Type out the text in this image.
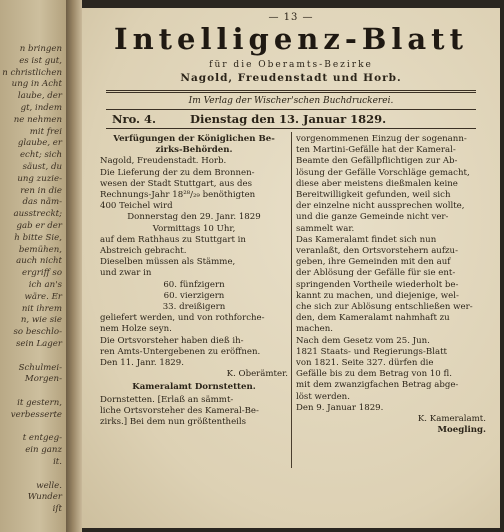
n bringen
es ist gut,
n christlichen
ung in Acht
laube, der
gt, indem
ne nehmen
mit frei
glaube, er
echt; sich
säust, du
ung zuzie-
ren in die
das näm-
ausstreckt;
gab er der
h bitte Sie,
bemühen,
auch nicht
ergriff so
ich an's
wäre. Er
nit ihrem
n, wie sie
so beschlo-
sein Lager
Schulmei-
Morgen-
it gestern,
verbesserte
t entgeg-
ein ganz
it.
welle.
Wunder
iſt
— 13 —
Intelligenz-Blatt
für die Oberamts-Bezirke
Nagold, Freudenstadt und Horb.
Im Verlag der Wischer'schen Buchdruckerei.
Nro. 4.	Dienstag den 13. Januar 1829.
Verfügungen der Königlichen Be-
zirks-Behörden.
Nagold, Freudenstadt. Horb.
Die Lieferung der zu dem Bronnen-
wesen der Stadt Stuttgart, aus des
Rechnungs-Jahr 18²⁸/₂₉ benöthigten
400 Teichel wird
Donnerstag den 29. Janr. 1829
Vormittags 10 Uhr,
auf dem Rathhaus zu Stuttgart in
Abstreich gebracht.
Dieselben müssen als Stämme,
und zwar in
60. fünfzigern
60. vierzigern
33. dreißigern
geliefert werden, und von rothforche-
nem Holze seyn.
Die Ortsvorsteher haben dieß ih-
ren Amts-Untergebenen zu eröffnen.
Den 11. Janr. 1829.
K. Oberämter.
Kameralamt Dornstetten.
Dornstetten. [Erlaß an sämmt-
liche Ortsvorsteher des Kameral-Be-
zirks.] Bei dem nun größtentheils
vorgenommenen Einzug der sogenann-
ten Martini-Gefälle hat der Kameral-
Beamte den Gefällpflichtigen zur Ab-
lösung der Gefälle Vorschläge gemacht,
diese aber meistens dießmalen keine
Bereitwilligkeit gefunden, weil sich
der einzelne nicht aussprechen wollte,
und die ganze Gemeinde nicht ver-
sammelt war.
Das Kameralamt findet sich nun
veranlaßt, den Ortsvorstehern aufzu-
geben, ihre Gemeinden mit den auf
der Ablösung der Gefälle für sie ent-
springenden Vortheile wiederholt be-
kannt zu machen, und diejenige, wel-
che sich zur Ablösung entschließen wer-
den, dem Kameralamt nahmhaft zu
machen.
Nach dem Gesetz vom 25. Jun.
1821 Staats- und Regierungs-Blatt
von 1821. Seite 327. dürfen die
Gefälle bis zu dem Betrag von 10 fl.
mit dem zwanzigfachen Betrag abge-
löst werden.
Den 9. Januar 1829.
K. Kameralamt.
Moegling.
